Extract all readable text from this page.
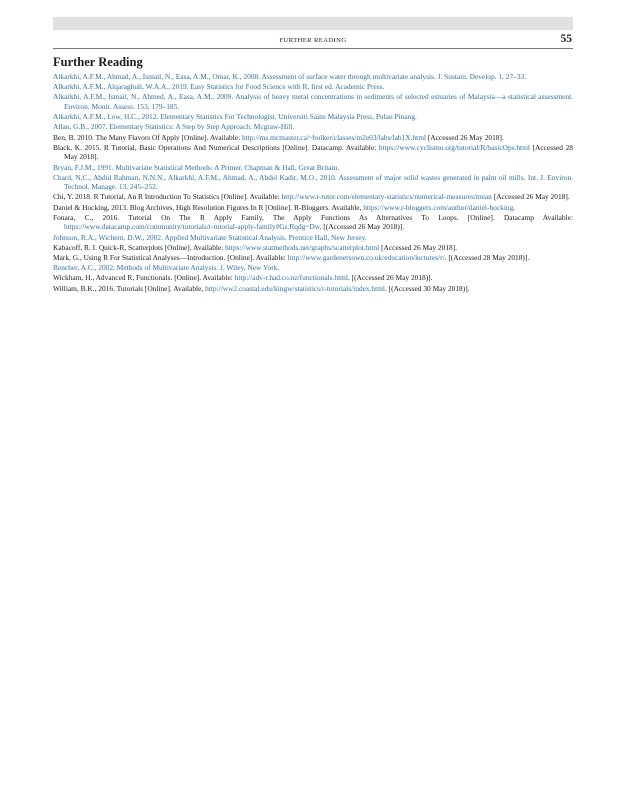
FURTHER READING	55
Further Reading
Alkarkhi, A.F.M., Ahmad, A., Ismail, N., Easa, A.M., Omar, K., 2008. Assessment of surface water through multivariate analysis. J. Sustain. Develop. 1, 27–33.
Alkarkhi, A.F.M., Alqaraghuli, W.A.A., 2019. Easy Statistics for Food Science with R, first ed. Academic Press.
Alkarkhi, A.F.M., Ismail, N., Ahmed, A., Easa, A.M., 2009. Analysis of heavy metal concentrations in sediments of selected estuaries of Malaysia—a statistical assessment. Environ. Monit. Assess. 153, 179–185.
Alkarkhi, A.F.M., Low, H.C., 2012. Elementary Statistics For Technologist. Universiti Sains Malaysia Press, Pulau Pinang.
Allan, G.B., 2007. Elementary Statistics: A Step by Step Approach. Mcgraw-Hill.
Ben, B. 2010. The Many Flavors Of Apply [Online]. Available: http://ms.mcmaster.ca/~bolker/classes/m2e03/labs/lab1X.html [Accessed 26 May 2018].
Black, K. 2015. R Tutorial, Basic Operations And Numerical Descriptions [Online]. Datacamp. Available: https://www.cyclismo.org/tutorial/R/basicOps.html [Accessed 28 May 2018].
Bryan, F.J.M., 1991. Multivariate Statistical Methods: A Primer. Chapman & Hall, Great Britain.
Chard, N.C., Abdul Rahman, N.N.N., Alkarkhi, A.F.M., Ahmad, A., Abdel Kadir, M.O., 2010. Assessment of major solid wastes generated in palm oil mills. Int. J. Environ. Technol. Manage. 13, 245–252.
Chi, Y. 2018. R Tutorial, An R Introduction To Statistics [Online]. Available: http://www.r-tutor.com/elementary-statistics/numerical-measures/mean [Accessed 26 May 2018].
Daniel & Hocking, 2013. Blog Archives, High Resolution Figures In R [Online]. R-Bloggers. Available, https://www.r-bloggers.com/author/daniel-hocking.
Fonara, C., 2016. Tutorial On The R Apply Family, The Apply Functions As Alternatives To Loops. [Online]. Datacamp Available: https://www.datacamp.com/community/tutorials/r-tutorial-apply-family#Gs.Rqdg~Dw. [(Accessed 26 May 2018)].
Johnson, R.A., Wichern, D.W., 2002. Applied Multivariate Statistical Analysis. Prentice Hall, New Jersey.
Kabacoff, R. I. Quick-R, Scatterplots [Online]. Available: https://www.statmethods.net/graphs/scatterplot.html [Accessed 26 May 2018].
Mark, G., Using R For Statistical Analyses—Introduction. [Online]. Available: http://www.gardenersown.co.uk/education/lectures/r/. [(Accessed 28 May 2018)].
Rencher, A.C., 2002. Methods of Multivariate Analysis. J. Wiley, New York.
Wickham, H., Advanced R, Functionals. [Online]. Available: http://adv-r.had.co.nz/functionals.html. [(Accessed 26 May 2018)].
William, B.K., 2016. Tutorials [Online]. Available, http://ww2.coastal.edu/kingw/statistics/r-tutorials/index.html. [(Accessed 30 May 2018)].
